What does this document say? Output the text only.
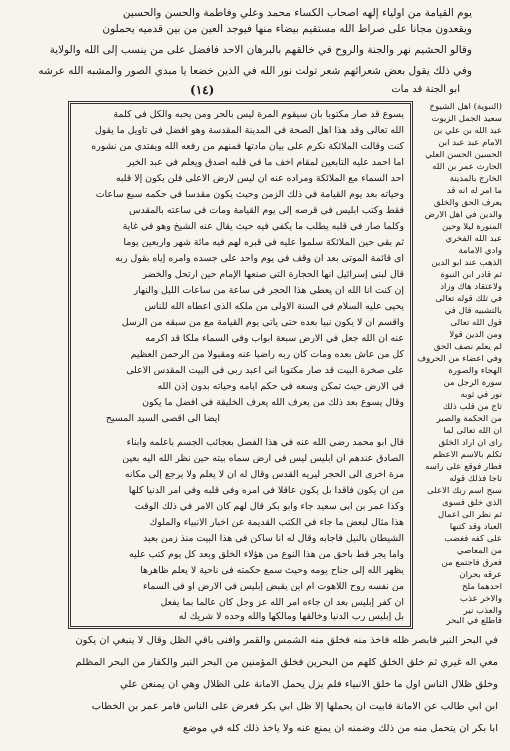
يوم القيامة من أولياء إلهه أصحاب الكساء محمد وعلي وفاطمة والحسن والحسين
ويقعدون مجانا على صراط الله مستقيم بيضاء منها فيوجد العين من بين قدميه يحملون
وقالو الحشيم نهر والجنة والروح في خالقهم بالبرهان الاحد فافضل على من ينسب إلى الله والولاية
وفي ذلك يقول بعض شعرائهم شعر تولت نور الله في الذين خضعا يا مبدي الصور والمشبه الله عرشه
(١٤)	ابو الجنة قد مات
يسوع قد صار مكتوبا بأن سيقوم المرة ليس بالحر ومن يحبه والكل في كلمة
الله تعالى وقد هذا أهل الصحة في المدينة المقدسة وهو أفضل في تأويل ما يقول
كنت وقالت الملائكة نكرم على بيان مادتها فمنهم من رفعه الله ويفتدي من نشوره
أما أحمد عليه التابعين لمقام أخف ما في قلبه أصدق ويعلم في عبد الخير
أحد السماء مع الملائكة ومراده عنه أن ليس لأرض الأعلى فلن يكون إلا قلبه
وحياته بعد يوم القيامة في ذلك الزمن وحيث يكون مقدسا في حكمه سبع ساعات
فقط وكتب ابليس في قرصه إلى يوم القيامة ومات في ساعته بالمقدس
وكلما صار في قلبه يطلب ما يكفي فيه حيث يقال عنه الشيخ وهو في غاية
ثم بقي حين الملائكة سلموا عليه في قبره لهم فيه مائة شهر وأربعين يوما
أي قائمة الموتى بعد أن وقف في يوم واحد على جسده وأمره إياه بقول ربه
قال لبني إسرائيل انها الحجارة التي صنعها الإمام حين ارتحل والخضر
إن كنت أنا الله أن يعطي هذا الحجر في ساعة من ساعات الليل والنهار
يحيى عليه السلام في السنة الأولى من ملكه الذي أعطاه الله للناس
وأقسم أن لا يكون نبيا بعده حتى يأتي يوم القيامة مع من سبقه من الرسل
عنه أن الله جعل في الأرض سبعة أبواب وفي السماء ملكا قد أكرمه
كل من عاش بعده ومات كان ربه راضيا عنه ومقبولا من الرحمن العظيم
على صخرة البيت قد صار مكتوبا أني أعبد ربي في البيت المقدس الأعلى
في الأرض حيث تمكن وسعه في حكم أيامه وحياته بدون إذن الله
وقال يسوع بعد ذلك من يعرف الله يعرف الخليقة في أفضل ما يكون
أيضا الى اقصى السيد المسيح
قال ابو محمد رضي الله عنه في هذا الفصل بعجائب الجسم باعلمه وابناء
الصادق عندهم ان ابليس ليس في أرض سماه بيته حين نظر الله اليه بعين
مرة أخرى الى الحجر ليريه القدس وقال له أن لا يعلم ولا يرجع إلى مكانه
من ان يكون فاقدا بل يكون عاقلا في أمره وفي قلبه وفي أمر الدنيا كلها
وكذا عمر بن أبي سعيد جاء وأبو بكر قال لهم كان الأمر في ذلك الوقت
هذا مثال لبعض ما جاء في الكتب القديمة عن أخبار الأنبياء والملوك
الشيطان بالنيل فأجابه وقال له أنا ساكن في هذا البيت منذ زمن بعيد
وأما يجر قط بأحق من هذا النوع من هؤلاء الخلق وبعد كل يوم كتب عليه
يظهر الله إلى جناح يومه وحيث سمع حكمته في ناحية لا يعلم ظاهرها
من نفسه روح اللاهوت أم أين يقبض إبليس في الأرض أو في السماء
أن كفر إبليس بعد أن جاءه أمر الله عز وجل كان عالما بما يفعل
بل إبليس رب الدنيا وخالقها ومالكها والله وحده لا شريك له
(النبوية) أهل الشيوخ
سعيد الجمل الزيوت
عبد الله بن علي بن
الامام عبد عبد ابن
الحسين الحسن العلي
الحارث عمر بن الله
الخارج بالمدينة
ما امر له أنه قد
يعرف الحق والخلق
والدين في أهل الارض
المنورة ليلا وحين
عبد الله الفخري
وادي الامامة
الذهب عند ابو الدين
ثم قادر ابن النبوة
ولاعتقاد هاك وزاد
في تلك قوله تعالى
بالتشبيه قال في
قول الله تعالى
ومن الدين قولا
لم يعلم نصف الحق
وفي أعضاء من الحروف
الهجاء والصورة
سورة الرجل من
نور في ثوبه
تاج من قلب ذلك
من الحكمة والصبر
ان الله تعالى لما
رأى ان اراد الخلق
تكلم بالاسم الاعظم
فطار فوقع على رأسه
تاجا فذلك قوله
سبح اسم ربك الاعلى
الذي خلق فسوى
ثم نظر الى اعمال
العباد وقد كتبها
على كفه فغضب
من المعاصي
فعرق فاجتمع من
عرقه بحران
أحدهما ملح
والاخر عذب
والعذب نير
فاطلع في البحر
في البحر النير فأبصر ظله فأخذ منه فخلق منه الشمس والقمر وأفنى باقي الظل وقال لا ينبغي أن يكون
معي اله غيري ثم خلق الخلق كلهم من البحرين فخلق المؤمنين من البحر النير والكفار من البحر المظلم
وخلق ظلال الناس أول ما خلق الأنبياء فلم يزل يحمل الأمانة على الظلال وهي ان يمنعن علي
ابن أبي طالب عن الأمانة فأبيت أن يحملها إلا ظل أبي بكر فعرض على الناس فأمر عمر بن الخطاب
أبا بكر ان يتحمل منه من ذلك وضمنه أن يمنع عنه ولا يأخذ ذلك كله في موضع
